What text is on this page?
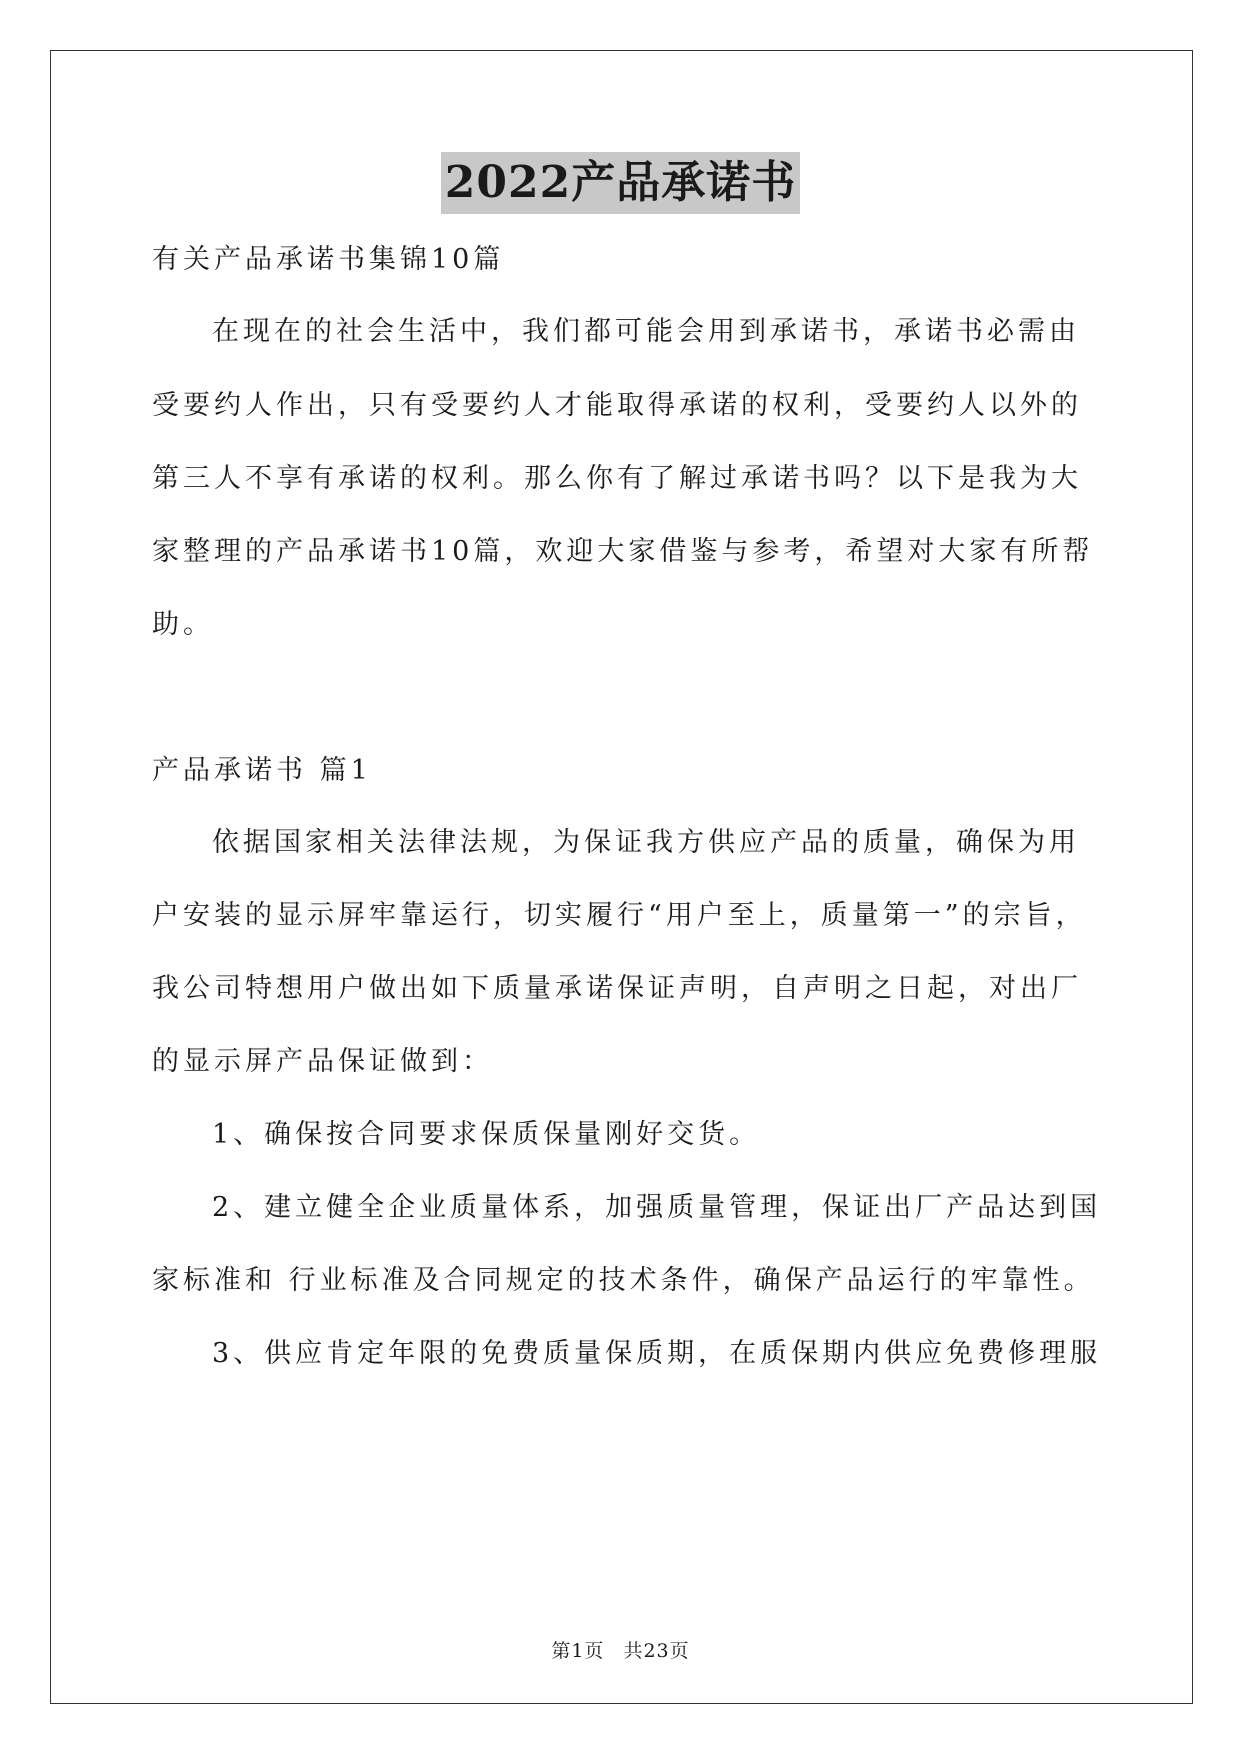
2022产品承诺书
有关产品承诺书集锦10篇
在现在的社会生活中，我们都可能会用到承诺书，承诺书必需由
受要约人作出，只有受要约人才能取得承诺的权利，受要约人以外的
第三人不享有承诺的权利。那么你有了解过承诺书吗？以下是我为大
家整理的产品承诺书10篇，欢迎大家借鉴与参考，希望对大家有所帮
助。
产品承诺书 篇1
依据国家相关法律法规，为保证我方供应产品的质量，确保为用
户安装的显示屏牢靠运行，切实履行“用户至上，质量第一”的宗旨，
我公司特想用户做出如下质量承诺保证声明，自声明之日起，对出厂
的显示屏产品保证做到：
1、确保按合同要求保质保量刚好交货。
2、建立健全企业质量体系，加强质量管理，保证出厂产品达到国
家标准和 行业标准及合同规定的技术条件，确保产品运行的牢靠性。
3、供应肯定年限的免费质量保质期，在质保期内供应免费修理服
第1页 共23页
